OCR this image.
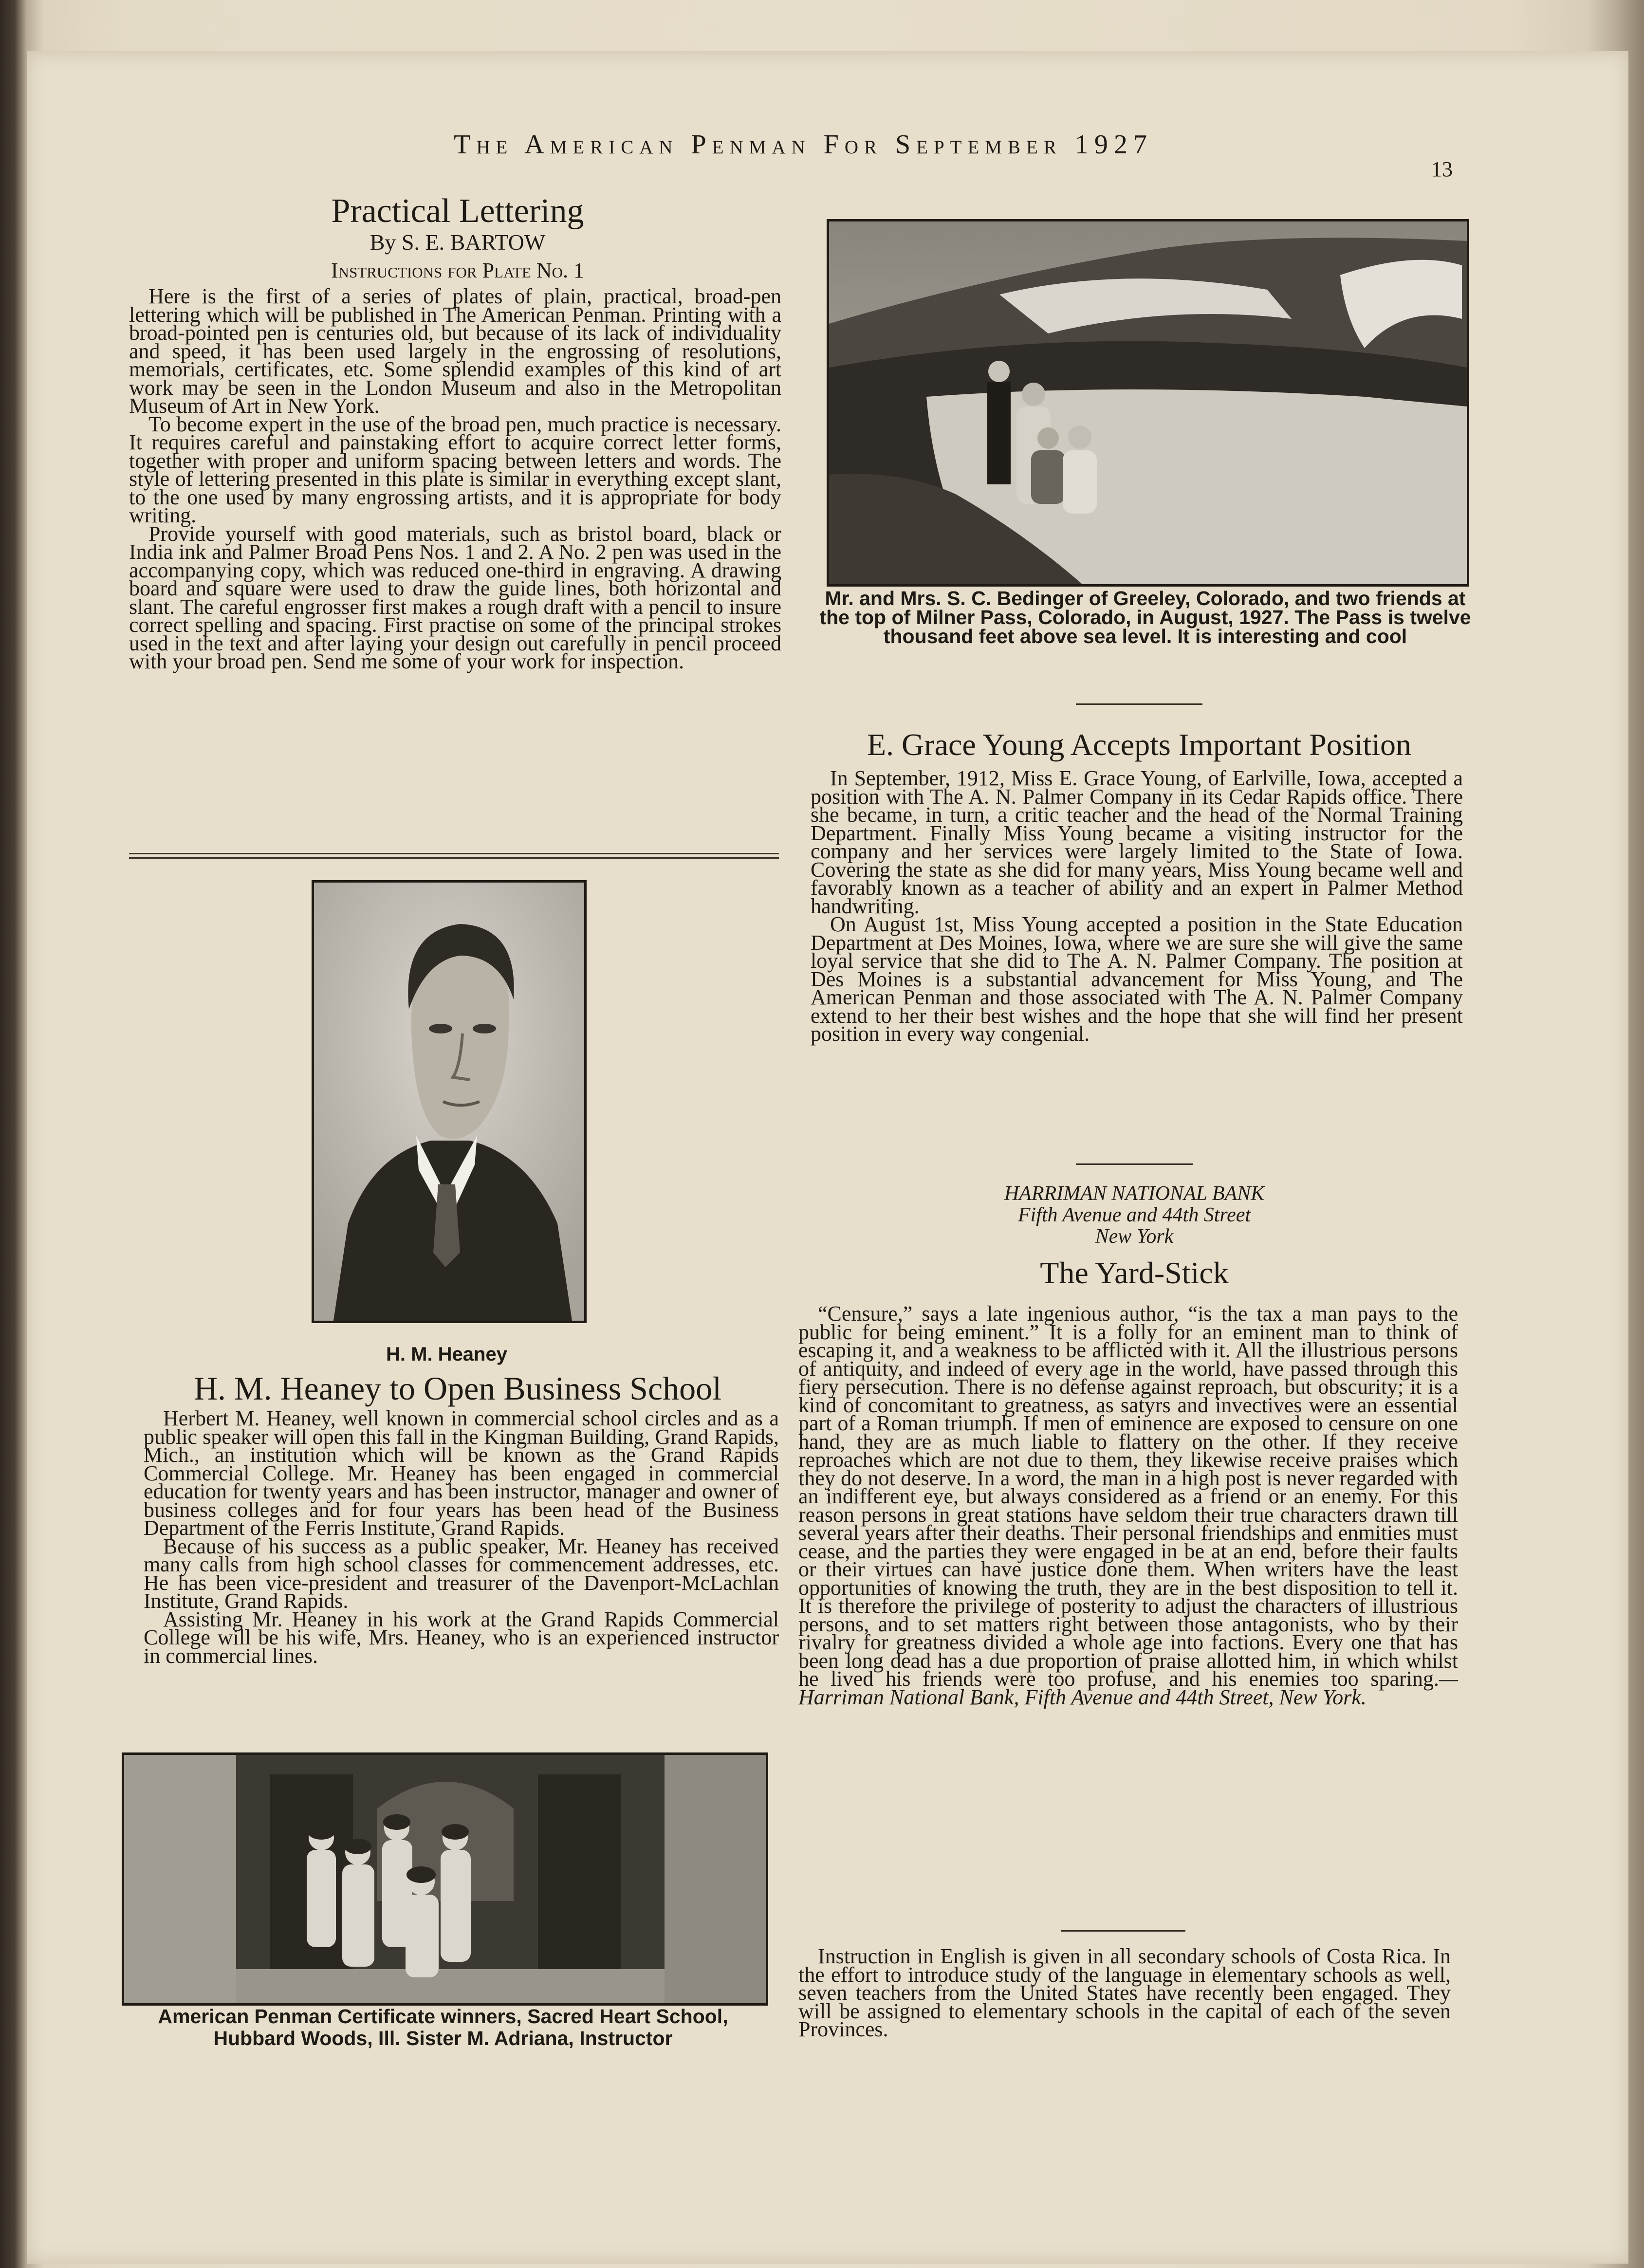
The American Penman For September 1927
13
Practical Lettering
By S. E. BARTOW
Instructions for Plate No. 1

Here is the first of a series of plates of plain, practical, broad-pen lettering which will be published in The American Penman. Printing with a broad-pointed pen is centuries old, but because of its lack of individuality and speed, it has been used largely in the engrossing of resolutions, memorials, certificates, etc. Some splendid examples of this kind of art work may be seen in the London Museum and also in the Metropolitan Museum of Art in New York.

To become expert in the use of the broad pen, much practice is necessary. It requires careful and painstaking effort to acquire correct letter forms, together with proper and uniform spacing between letters and words. The style of lettering presented in this plate is similar in everything except slant, to the one used by many engrossing artists, and it is appropriate for body writing.

Provide yourself with good materials, such as bristol board, black or India ink and Palmer Broad Pens Nos. 1 and 2. A No. 2 pen was used in the accompanying copy, which was reduced one-third in engraving. A drawing board and square were used to draw the guide lines, both horizontal and slant. The careful engrosser first makes a rough draft with a pencil to insure correct spelling and spacing. First practise on some of the principal strokes used in the text and after laying your design out carefully in pencil proceed with your broad pen. Send me some of your work for inspection.

H. M. Heaney
H. M. Heaney to Open Business School

Herbert M. Heaney, well known in commercial school circles and as a public speaker will open this fall in the Kingman Building, Grand Rapids, Mich., an institution which will be known as the Grand Rapids Commercial College. Mr. Heaney has been engaged in commercial education for twenty years and has been instructor, manager and owner of business colleges and for four years has been head of the Business Department of the Ferris Institute, Grand Rapids.

Because of his success as a public speaker, Mr. Heaney has received many calls from high school classes for commencement addresses, etc. He has been vice-president and treasurer of the Davenport-McLachlan Institute, Grand Rapids.

Assisting Mr. Heaney in his work at the Grand Rapids Commercial College will be his wife, Mrs. Heaney, who is an experienced instructor in commercial lines.

American Penman Certificate winners, Sacred Heart School, Hubbard Woods, Ill. Sister M. Adriana, Instructor
Mr. and Mrs. S. C. Bedinger of Greeley, Colorado, and two friends at the top of Milner Pass, Colorado, in August, 1927. The Pass is twelve thousand feet above sea level. It is interesting and cool
E. Grace Young Accepts Important Position

In September, 1912, Miss E. Grace Young, of Earlville, Iowa, accepted a position with The A. N. Palmer Company in its Cedar Rapids office. There she became, in turn, a critic teacher and the head of the Normal Training Department. Finally Miss Young became a visiting instructor for the company and her services were largely limited to the State of Iowa. Covering the state as she did for many years, Miss Young became well and favorably known as a teacher of ability and an expert in Palmer Method handwriting.

On August 1st, Miss Young accepted a position in the State Education Department at Des Moines, Iowa, where we are sure she will give the same loyal service that she did to The A. N. Palmer Company. The position at Des Moines is a substantial advancement for Miss Young, and The American Penman and those associated with The A. N. Palmer Company extend to her their best wishes and the hope that she will find her present position in every way congenial.

HARRIMAN NATIONAL BANK
Fifth Avenue and 44th Street
New York
The Yard-Stick

“Censure,” says a late ingenious author, “is the tax a man pays to the public for being eminent.” It is a folly for an eminent man to think of escaping it, and a weakness to be afflicted with it. All the illustrious persons of antiquity, and indeed of every age in the world, have passed through this fiery persecution. There is no defense against reproach, but obscurity; it is a kind of concomitant to greatness, as satyrs and invectives were an essential part of a Roman triumph. If men of eminence are exposed to censure on one hand, they are as much liable to flattery on the other. If they receive reproaches which are not due to them, they likewise receive praises which they do not deserve. In a word, the man in a high post is never regarded with an indifferent eye, but always considered as a friend or an enemy. For this reason persons in great stations have seldom their true characters drawn till several years after their deaths. Their personal friendships and enmities must cease, and the parties they were engaged in be at an end, before their faults or their virtues can have justice done them. When writers have the least opportunities of knowing the truth, they are in the best disposition to tell it. It is therefore the privilege of posterity to adjust the characters of illustrious persons, and to set matters right between those antagonists, who by their rivalry for greatness divided a whole age into factions. Every one that has been long dead has a due proportion of praise allotted him, in which whilst he lived his friends were too profuse, and his enemies too sparing.—Harriman National Bank, Fifth Avenue and 44th Street, New York.

Instruction in English is given in all secondary schools of Costa Rica. In the effort to introduce study of the language in elementary schools as well, seven teachers from the United States have recently been engaged. They will be assigned to elementary schools in the capital of each of the seven Provinces.
